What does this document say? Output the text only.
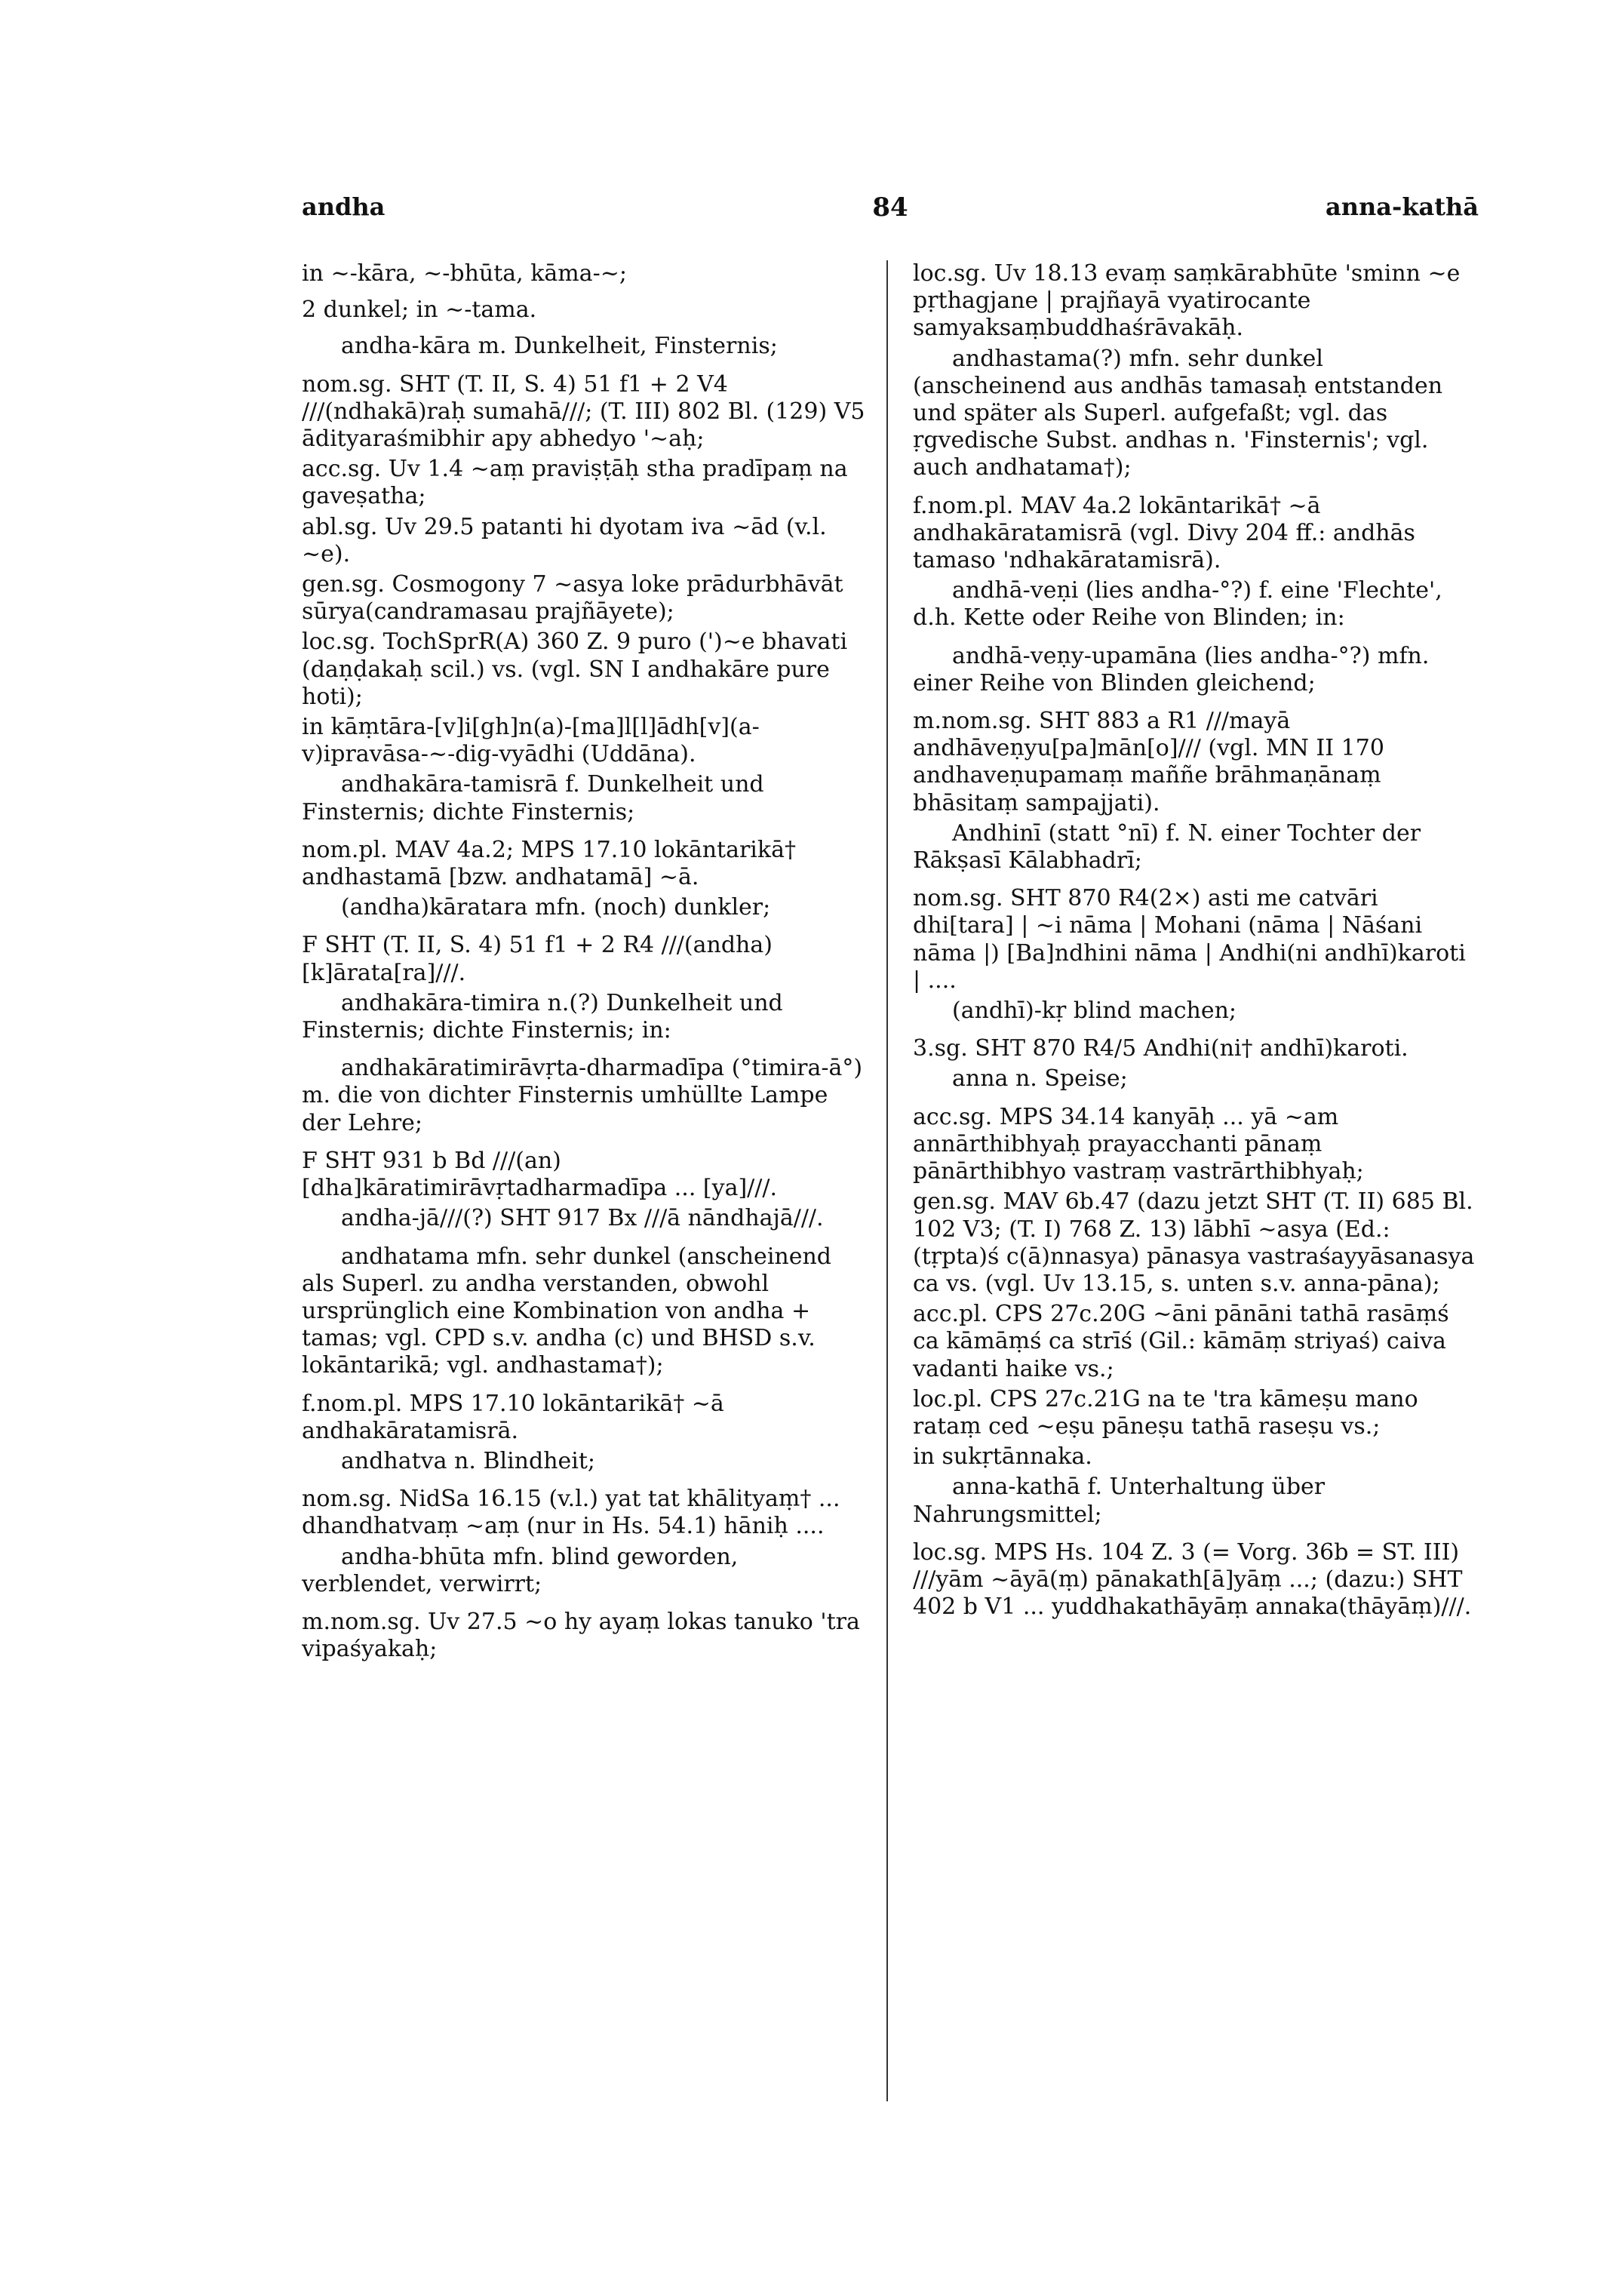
andha	84	anna-kathā

in ~-kāra, ~-bhūta, kāma-~;

2 dunkel; in ~-tama.

andha-kāra m. Dunkelheit, Finsternis;

nom.sg. SHT (T. II, S. 4) 51 f1 + 2 V4 ///(ndhakā)raḥ sumahā///; (T. III) 802 Bl. (129) V5 ādityaraśmibhir apy abhedyo '~aḥ;

acc.sg. Uv 1.4 ~aṃ praviṣṭāḥ stha pradīpaṃ na gaveṣatha;

abl.sg. Uv 29.5 patanti hi dyotam iva ~ād (v.l. ~e).

gen.sg. Cosmogony 7 ~asya loke prādurbhāvāt sūrya(candramasau prajñāyete);

loc.sg. TochSprR(A) 360 Z. 9 puro (')~e bhavati (daṇḍakaḥ scil.) vs. (vgl. SN I andhakāre pure hoti);

in kāṃtāra-[v]i[gh]n(a)-[ma]l[l]ādh[v](a-v)ipravāsa-~-dig-vyādhi (Uddāna).

andhakāra-tamisrā f. Dunkelheit und Finsternis; dichte Finsternis;

nom.pl. MAV 4a.2; MPS 17.10 lokāntarikā† andhastamā [bzw. andhatamā] ~ā.

(andha)kāratara mfn. (noch) dunkler;

F SHT (T. II, S. 4) 51 f1 + 2 R4 ///(andha)[k]ārata[ra]///.

andhakāra-timira n.(?) Dunkelheit und Finsternis; dichte Finsternis; in:

andhakāratimirāvṛta-dharmadīpa (°timira-ā°) m. die von dichter Finsternis umhüllte Lampe der Lehre;

F SHT 931 b Bd ///(an)[dha]kāratimirāvṛtadharmadīpa ... [ya]///.

andha-jā///(?) SHT 917 Bx ///ā nāndhajā///.

andhatama mfn. sehr dunkel (anscheinend als Superl. zu andha verstanden, obwohl ursprünglich eine Kombination von andha + tamas; vgl. CPD s.v. andha (c) und BHSD s.v. lokāntarikā; vgl. andhastama†);

f.nom.pl. MPS 17.10 lokāntarikā† ~ā andhakāratamisrā.

andhatva n. Blindheit;

nom.sg. NidSa 16.15 (v.l.) yat tat khālityaṃ† ... dhandhatvaṃ ~aṃ (nur in Hs. 54.1) hāniḥ ....

andha-bhūta mfn. blind geworden, verblendet, verwirrt;

m.nom.sg. Uv 27.5 ~o hy ayaṃ lokas tanuko 'tra vipaśyakaḥ;

loc.sg. Uv 18.13 evaṃ saṃkārabhūte 'sminn ~e pṛthagjane | prajñayā vyatirocante samyaksaṃbuddhaśrāvakāḥ.

andhastama(?) mfn. sehr dunkel (anscheinend aus andhās tamasaḥ entstanden und später als Superl. aufgefaßt; vgl. das ṛgvedische Subst. andhas n. 'Finsternis'; vgl. auch andhatama†);

f.nom.pl. MAV 4a.2 lokāntarikā† ~ā andhakāratamisrā (vgl. Divy 204 ff.: andhās tamaso 'ndhakāratamisrā).

andhā-veṇi (lies andha-°?) f. eine 'Flechte', d.h. Kette oder Reihe von Blinden; in:

andhā-veṇy-upamāna (lies andha-°?) mfn. einer Reihe von Blinden gleichend;

m.nom.sg. SHT 883 a R1 ///mayā andhāveṇyu[pa]mān[o]/// (vgl. MN II 170 andhaveṇupamaṃ maññe brāhmaṇānaṃ bhāsitaṃ sampajjati).

Andhinī (statt °nī) f. N. einer Tochter der Rākṣasī Kālabhadrī;

nom.sg. SHT 870 R4(2×) asti me catvāri dhi[tara] | ~i nāma | Mohani (nāma | Nāśani nāma |) [Ba]ndhini nāma | Andhi(ni andhī)karoti | ....

(andhī)-kṛ blind machen;

3.sg. SHT 870 R4/5 Andhi(ni† andhī)karoti.

anna n. Speise;

acc.sg. MPS 34.14 kanyāḥ ... yā ~am annārthibhyaḥ prayacchanti pānaṃ pānārthibhyo vastraṃ vastrārthibhyaḥ;

gen.sg. MAV 6b.47 (dazu jetzt SHT (T. II) 685 Bl. 102 V3; (T. I) 768 Z. 13) lābhī ~asya (Ed.: (tṛpta)ś c(ā)nnasya) pānasya vastraśayyāsanasya ca vs. (vgl. Uv 13.15, s. unten s.v. anna-pāna);

acc.pl. CPS 27c.20G ~āni pānāni tathā rasāṃś ca kāmāṃś ca strīś (Gil.: kāmāṃ striyaś) caiva vadanti haike vs.;

loc.pl. CPS 27c.21G na te 'tra kāmeṣu mano rataṃ ced ~eṣu pāneṣu tathā raseṣu vs.;

in sukṛtānnaka.

anna-kathā f. Unterhaltung über Nahrungsmittel;

loc.sg. MPS Hs. 104 Z. 3 (= Vorg. 36b = ST. III) ///yām ~āyā(ṃ) pānakath[ā]yāṃ ...; (dazu:) SHT 402 b V1 ... yuddhakathāyāṃ annaka(thāyāṃ)///.
